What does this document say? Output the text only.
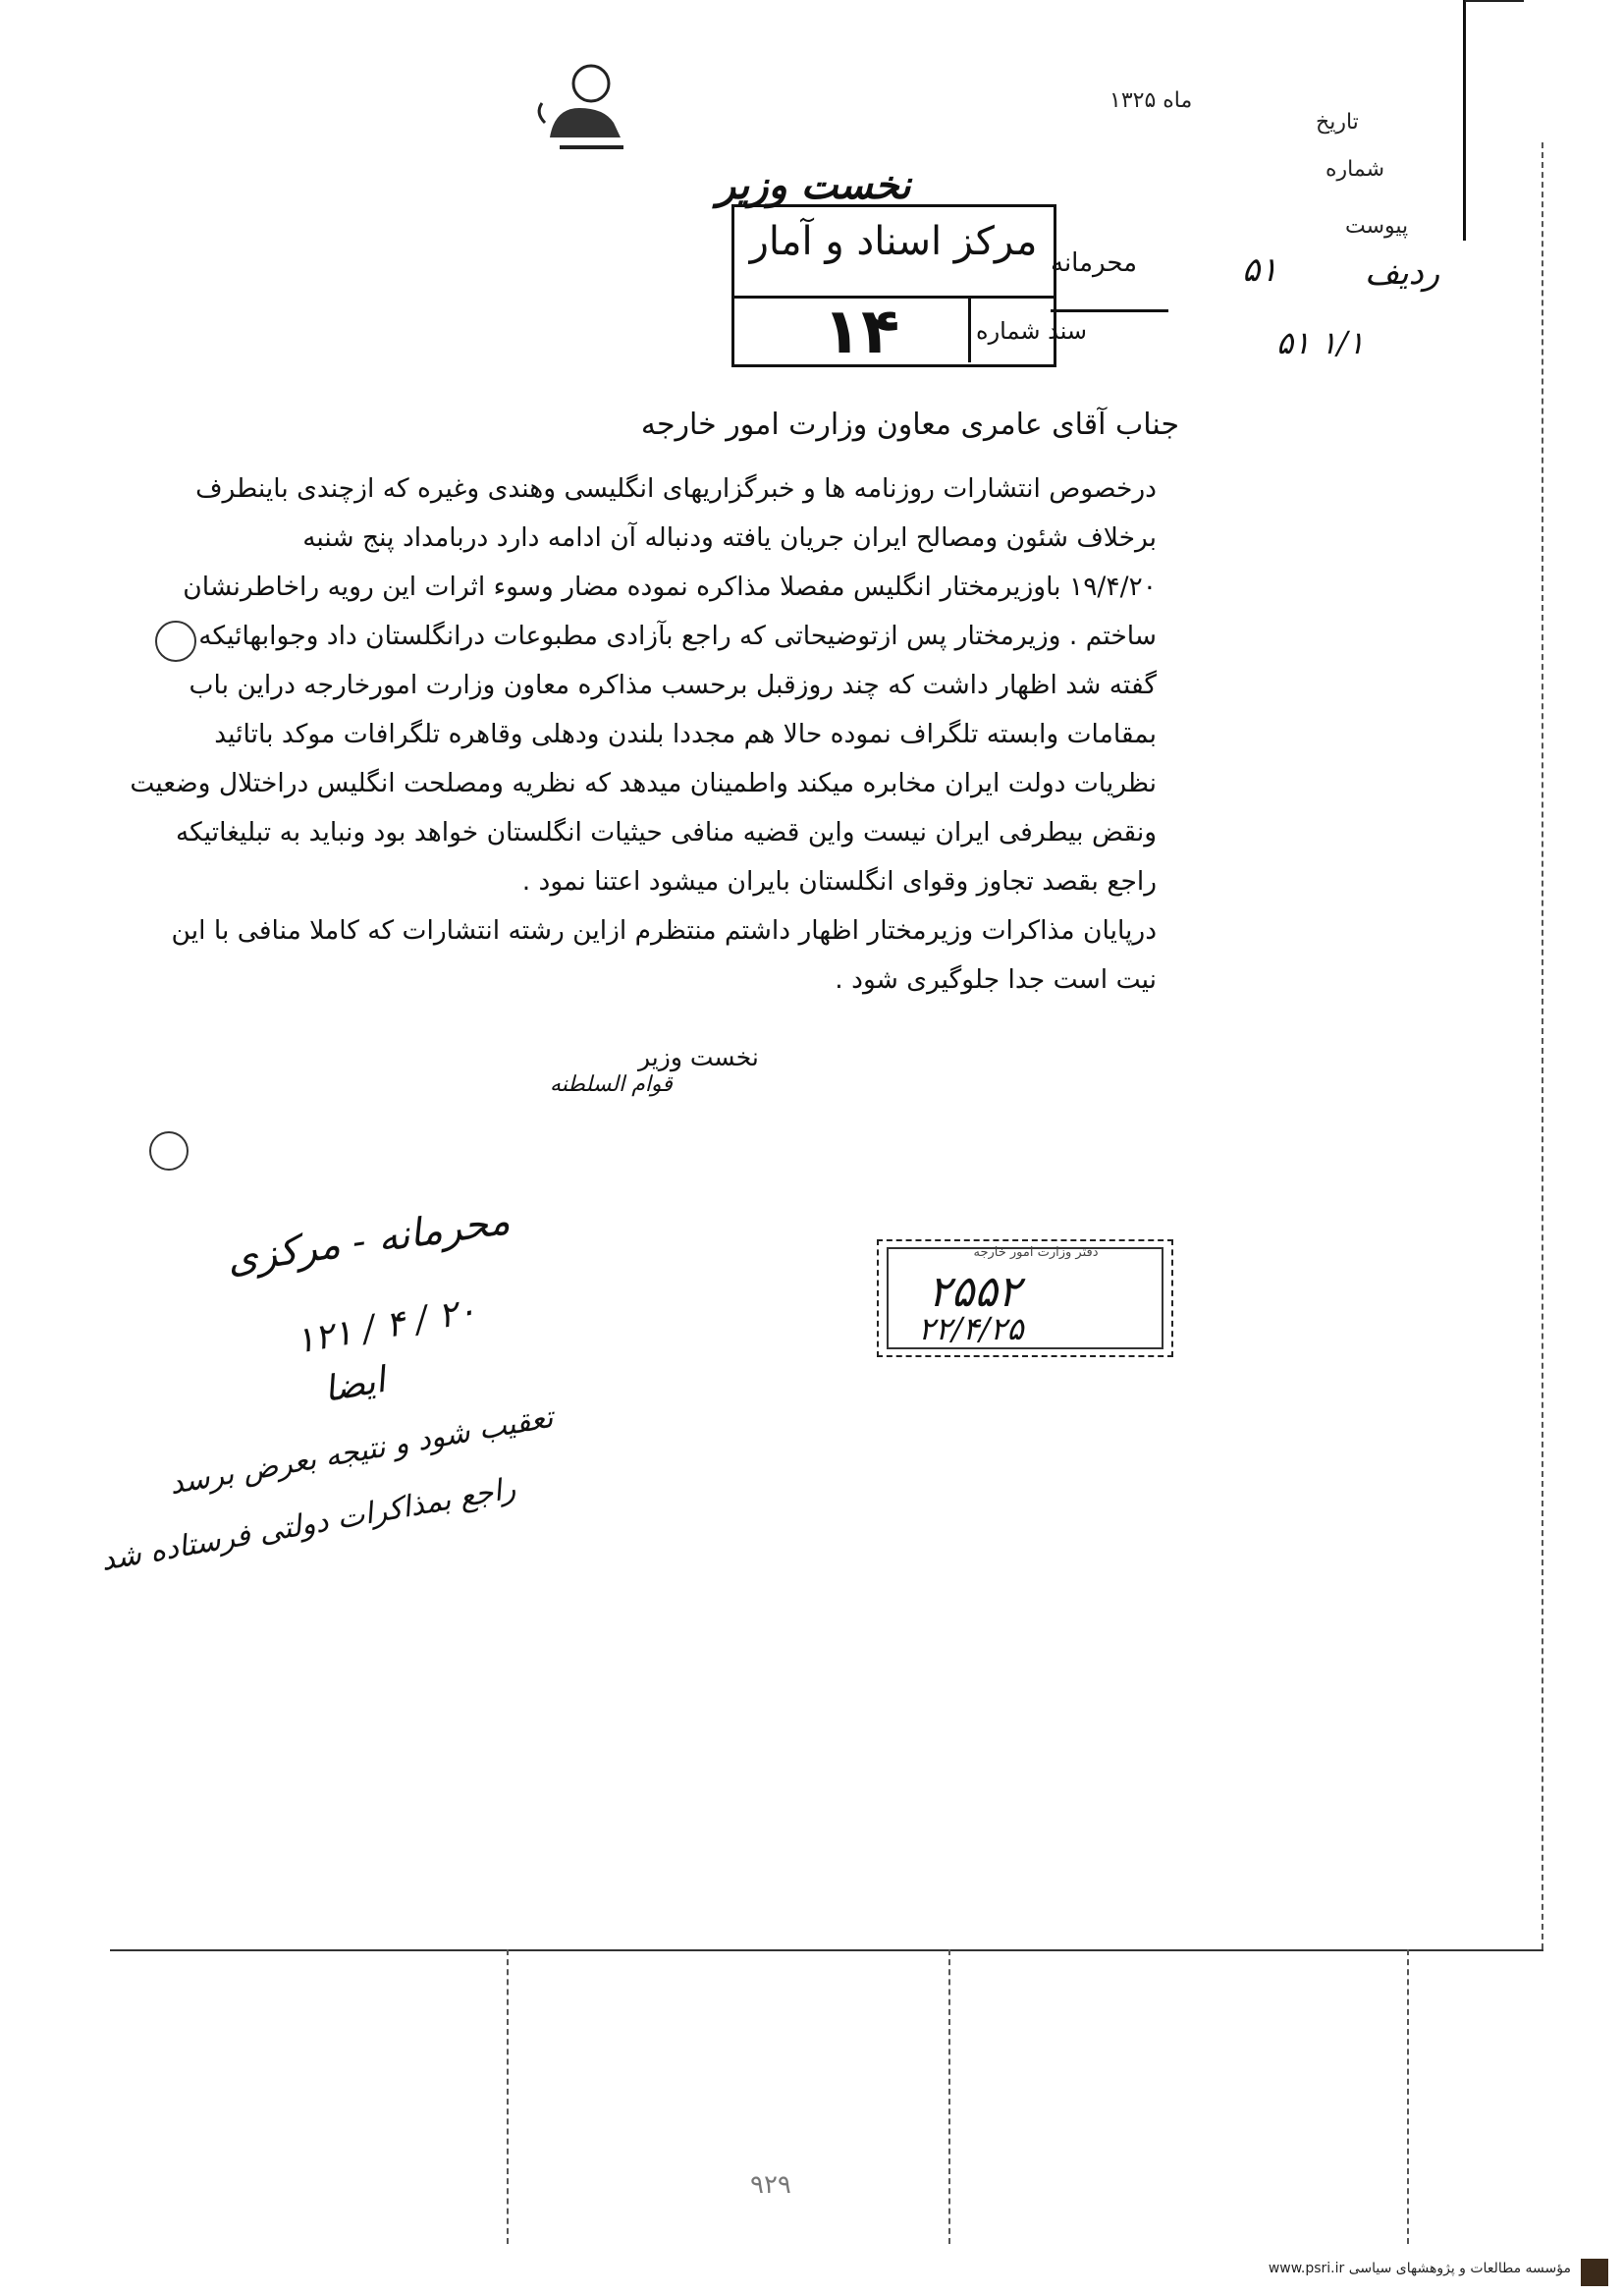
تاریخ
ماه ۱۳۲۵
شماره
پیوست
ردیف
۵۱
۵۱ ۱/۱
نخست وزیر
مرکز اسناد و آمار
سند شماره
۱۴
محرمانه
جناب آقای عامری معاون وزارت امور خارجه

درخصوص انتشارات روزنامه ها و خبرگزاریهای انگلیسی وهندی وغیره که ازچندی باینطرف

برخلاف شئون ومصالح ایران جریان یافته ودنباله آن ادامه دارد دربامداد پنج شنبه

۱۹/۴/۲۰ باوزیرمختار انگلیس مفصلا مذاکره نموده مضار وسوء اثرات این رویه راخاطرنشان

ساختم . وزیرمختار پس ازتوضیحاتی که راجع بآزادی مطبوعات درانگلستان داد وجوابهائیکه

گفته شد اظهار داشت که چند روزقبل برحسب مذاکره معاون وزارت امورخارجه دراین باب

بمقامات وابسته تلگراف نموده حالا هم مجددا بلندن ودهلی وقاهره تلگرافات موکد باتائید

نظریات دولت ایران مخابره میکند واطمینان میدهد که نظریه ومصلحت انگلیس دراختلال وضعیت

ونقض بیطرفی ایران نیست واین قضیه منافی حیثیات انگلستان خواهد بود ونباید به تبلیغاتیکه

راجع بقصد تجاوز وقوای انگلستان بایران میشود اعتنا نمود .

درپایان مذاکرات وزیرمختار اظهار داشتم منتظرم ازاین رشته انتشارات که کاملا منافی با این

نیت است جدا جلوگیری شود .

نخست وزیر
قوام السلطنه
دفتر وزارت امور خارجه
۲۵۵۲
۲۲/۴/۲۵
محرمانه - مرکزی
۱۲۱ / ۴ / ۲۰
ایضا
تعقیب شود و نتیجه بعرض برسد
راجع بمذاکرات دولتی فرستاده شد
۹۲۹
مؤسسه مطالعات و پژوهشهای سیاسی www.psri.ir
